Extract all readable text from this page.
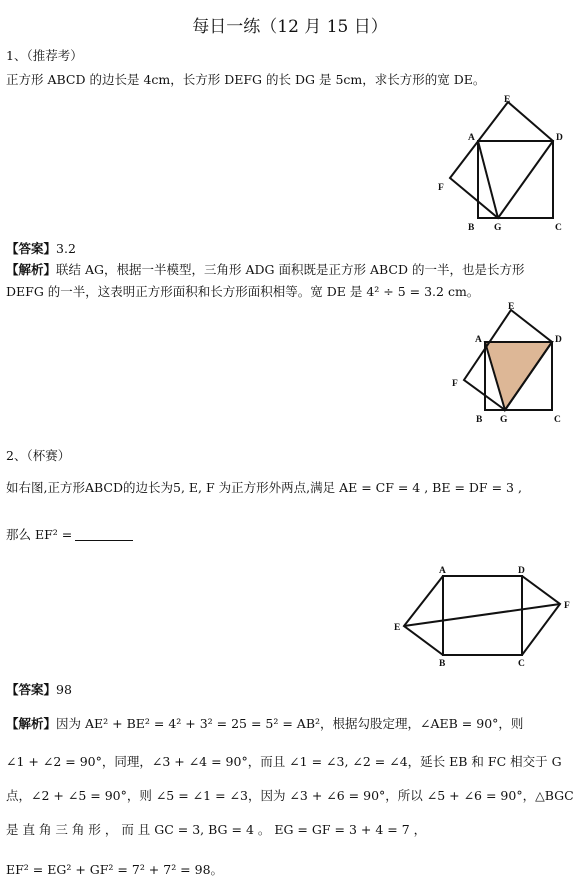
每日一练（12 月 15 日）
1、（推荐考）
正方形 ABCD 的边长是 4cm，长方形 DEFG 的长 DG 是 5cm，求长方形的宽 DE。
A
B	C
D
E
F
G
【答案】3.2
【解析】联结 AG，根据一半模型，三角形 ADG 面积既是正方形 ABCD 的一半，也是长方形
DEFG 的一半，这表明正方形面积和长方形面积相等。宽 DE 是 4² ÷ 5 = 3.2 cm。
A
B	C
D
E
F
G
2、（杯赛）
如右图,正方形ABCD的边长为5, E, F 为正方形外两点,满足 AE = CF = 4 , BE = DF = 3 ,
那么 EF² =
A
B	C
D
E
F
【答案】98
【解析】因为 AE² + BE² = 4² + 3² = 25 = 5² = AB²，根据勾股定理，∠AEB = 90°，则
∠1 + ∠2 = 90°，同理，∠3 + ∠4 = 90°，而且 ∠1 = ∠3, ∠2 = ∠4，延长 EB 和 FC 相交于 G
点，∠2 + ∠5 = 90°，则 ∠5 = ∠1 = ∠3，因为 ∠3 + ∠6 = 90°，所以 ∠5 + ∠6 = 90°，△BGC
是 直 角 三 角 形 ， 而 且 GC = 3, BG = 4 。 EG = GF = 3 + 4 = 7 ，
EF² = EG² + GF² = 7² + 7² = 98。
